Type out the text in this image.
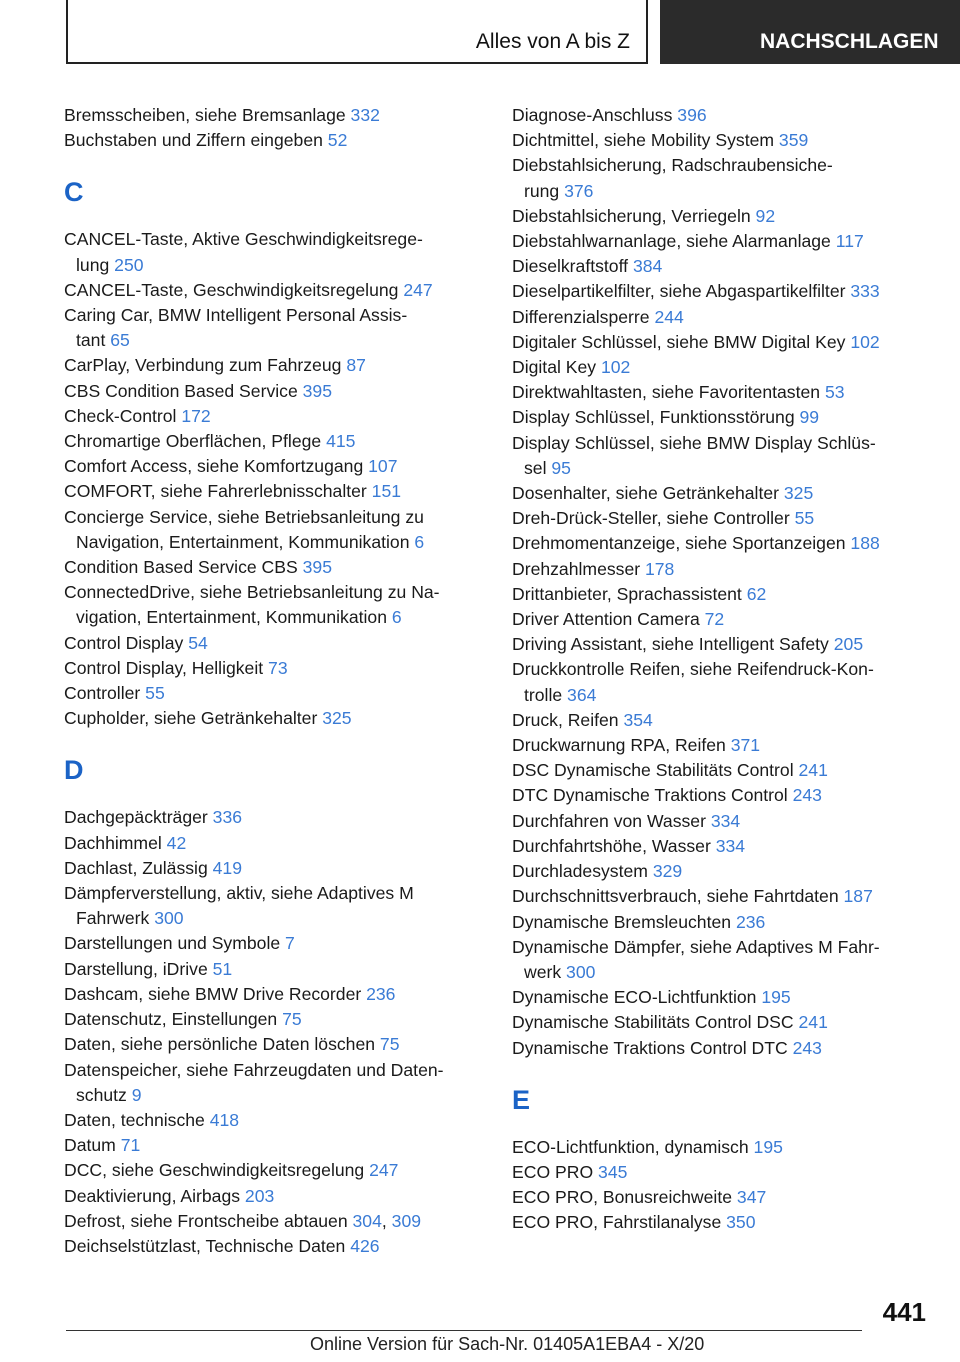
Alles von A bis Z	NACHSCHLAGEN
Bremsscheiben, siehe Bremsanlage 332
Buchstaben und Ziffern eingeben 52
C
CANCEL-Taste, Aktive Geschwindigkeitsrege-
lung 250
CANCEL-Taste, Geschwindigkeitsregelung 247
Caring Car, BMW Intelligent Personal Assis-
tant 65
CarPlay, Verbindung zum Fahrzeug 87
CBS Condition Based Service 395
Check-Control 172
Chromartige Oberflächen, Pflege 415
Comfort Access, siehe Komfortzugang 107
COMFORT, siehe Fahrerlebnisschalter 151
Concierge Service, siehe Betriebsanleitung zu
Navigation, Entertainment, Kommunikation 6
Condition Based Service CBS 395
ConnectedDrive, siehe Betriebsanleitung zu Na-
vigation, Entertainment, Kommunikation 6
Control Display 54
Control Display, Helligkeit 73
Controller 55
Cupholder, siehe Getränkehalter 325
D
Dachgepäckträger 336
Dachhimmel 42
Dachlast, Zulässig 419
Dämpferverstellung, aktiv, siehe Adaptives M
Fahrwerk 300
Darstellungen und Symbole 7
Darstellung, iDrive 51
Dashcam, siehe BMW Drive Recorder 236
Datenschutz, Einstellungen 75
Daten, siehe persönliche Daten löschen 75
Datenspeicher, siehe Fahrzeugdaten und Daten-
schutz 9
Daten, technische 418
Datum 71
DCC, siehe Geschwindigkeitsregelung 247
Deaktivierung, Airbags 203
Defrost, siehe Frontscheibe abtauen 304, 309
Deichselstützlast, Technische Daten 426
Diagnose-Anschluss 396
Dichtmittel, siehe Mobility System 359
Diebstahlsicherung, Radschraubensiche-
rung 376
Diebstahlsicherung, Verriegeln 92
Diebstahlwarnanlage, siehe Alarmanlage 117
Dieselkraftstoff 384
Dieselpartikelfilter, siehe Abgaspartikelfilter 333
Differenzialsperre 244
Digitaler Schlüssel, siehe BMW Digital Key 102
Digital Key 102
Direktwahltasten, siehe Favoritentasten 53
Display Schlüssel, Funktionsstörung 99
Display Schlüssel, siehe BMW Display Schlüs-
sel 95
Dosenhalter, siehe Getränkehalter 325
Dreh-Drück-Steller, siehe Controller 55
Drehmomentanzeige, siehe Sportanzeigen 188
Drehzahlmesser 178
Drittanbieter, Sprachassistent 62
Driver Attention Camera 72
Driving Assistant, siehe Intelligent Safety 205
Druckkontrolle Reifen, siehe Reifendruck-Kon-
trolle 364
Druck, Reifen 354
Druckwarnung RPA, Reifen 371
DSC Dynamische Stabilitäts Control 241
DTC Dynamische Traktions Control 243
Durchfahren von Wasser 334
Durchfahrtshöhe, Wasser 334
Durchladesystem 329
Durchschnittsverbrauch, siehe Fahrtdaten 187
Dynamische Bremsleuchten 236
Dynamische Dämpfer, siehe Adaptives M Fahr-
werk 300
Dynamische ECO-Lichtfunktion 195
Dynamische Stabilitäts Control DSC 241
Dynamische Traktions Control DTC 243
E
ECO-Lichtfunktion, dynamisch 195
ECO PRO 345
ECO PRO, Bonusreichweite 347
ECO PRO, Fahrstilanalyse 350
441
Online Version für Sach-Nr. 01405A1EBA4 - X/20
